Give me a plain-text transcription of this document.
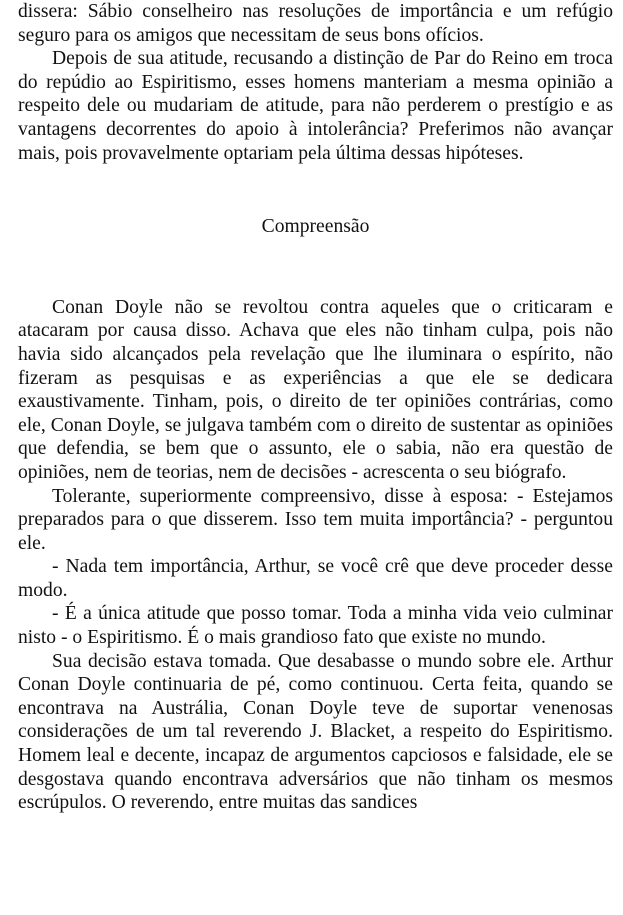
dissera: Sábio conselheiro nas resoluções de importância e um refúgio seguro para os amigos que necessitam de seus bons ofícios.

Depois de sua atitude, recusando a distinção de Par do Reino em troca do repúdio ao Espiritismo, esses homens manteriam a mesma opinião a respeito dele ou mudariam de atitude, para não perderem o prestígio e as vantagens decorrentes do apoio à intolerância? Preferimos não avançar mais, pois provavelmente optariam pela última dessas hipóteses.

Compreensão

Conan Doyle não se revoltou contra aqueles que o criticaram e atacaram por causa disso. Achava que eles não tinham culpa, pois não havia sido alcançados pela revelação que lhe iluminara o espírito, não fizeram as pesquisas e as experiências a que ele se dedicara exaustivamente. Tinham, pois, o direito de ter opiniões contrárias, como ele, Conan Doyle, se julgava também com o direito de sustentar as opiniões que defendia, se bem que o assunto, ele o sabia, não era questão de opiniões, nem de teorias, nem de decisões - acrescenta o seu biógrafo.

Tolerante, superiormente compreensivo, disse à esposa: - Estejamos preparados para o que disserem. Isso tem muita importância? - perguntou ele.

- Nada tem importância, Arthur, se você crê que deve proceder desse modo.

- É a única atitude que posso tomar. Toda a minha vida veio culminar nisto - o Espiritismo. É o mais grandioso fato que existe no mundo.

Sua decisão estava tomada. Que desabasse o mundo sobre ele. Arthur Conan Doyle continuaria de pé, como continuou. Certa feita, quando se encontrava na Austrália, Conan Doyle teve de suportar venenosas considerações de um tal reverendo J. Blacket, a respeito do Espiritismo. Homem leal e decente, incapaz de argumentos capciosos e falsidade, ele se desgostava quando encontrava adversários que não tinham os mesmos escrúpulos. O reverendo, entre muitas das sandices
